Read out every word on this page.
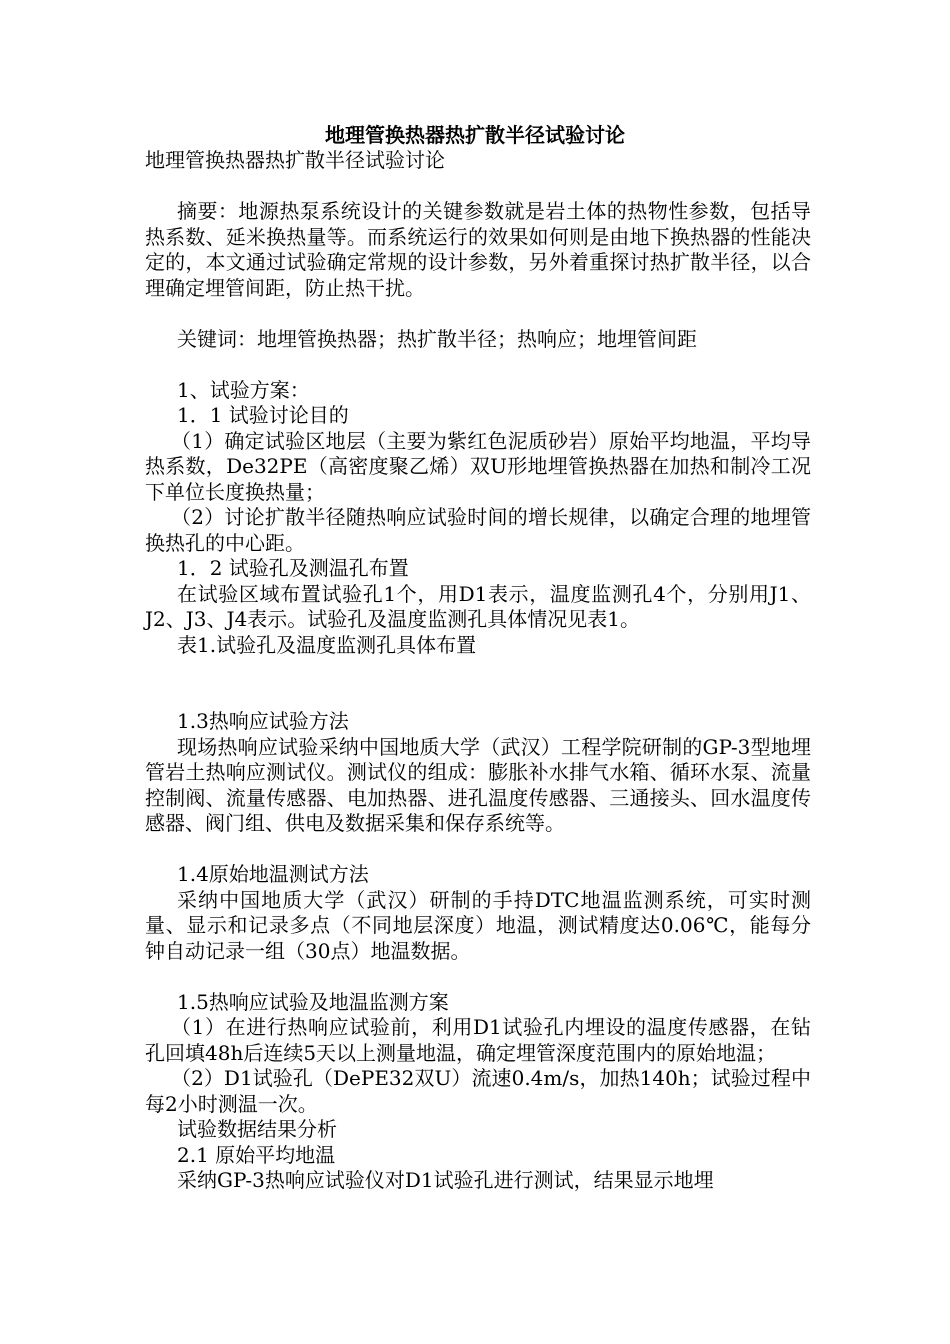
地理管换热器热扩散半径试验讨论

地理管换热器热扩散半径试验讨论

摘要：地源热泵系统设计的关键参数就是岩土体的热物性参数，包括导热系数、延米换热量等。而系统运行的效果如何则是由地下换热器的性能决定的，本文通过试验确定常规的设计参数，另外着重探讨热扩散半径，以合理确定埋管间距，防止热干扰。

关键词：地埋管换热器；热扩散半径；热响应；地埋管间距

1、试验方案：

1．1 试验讨论目的

（1）确定试验区地层（主要为紫红色泥质砂岩）原始平均地温，平均导热系数，De32PE（高密度聚乙烯）双U形地埋管换热器在加热和制冷工况下单位长度换热量；

（2）讨论扩散半径随热响应试验时间的增长规律，以确定合理的地埋管换热孔的中心距。

1．2 试验孔及测温孔布置

在试验区域布置试验孔1个，用D1表示，温度监测孔4个，分别用J1、J2、J3、J4表示。试验孔及温度监测孔具体情况见表1。

表1.试验孔及温度监测孔具体布置

1.3热响应试验方法

现场热响应试验采纳中国地质大学（武汉）工程学院研制的GP-3型地埋管岩土热响应测试仪。测试仪的组成：膨胀补水排气水箱、循环水泵、流量控制阀、流量传感器、电加热器、进孔温度传感器、三通接头、回水温度传感器、阀门组、供电及数据采集和保存系统等。

1.4原始地温测试方法

采纳中国地质大学（武汉）研制的手持DTC地温监测系统，可实时测量、显示和记录多点（不同地层深度）地温，测试精度达0.06℃，能每分钟自动记录一组（30点）地温数据。

1.5热响应试验及地温监测方案

（1）在进行热响应试验前，利用D1试验孔内埋设的温度传感器，在钻孔回填48h后连续5天以上测量地温，确定埋管深度范围内的原始地温；

（2）D1试验孔（DePE32双U）流速0.4m/s，加热140h；试验过程中每2小时测温一次。

试验数据结果分析

2.1 原始平均地温

采纳GP-3热响应试验仪对D1试验孔进行测试，结果显示地埋
